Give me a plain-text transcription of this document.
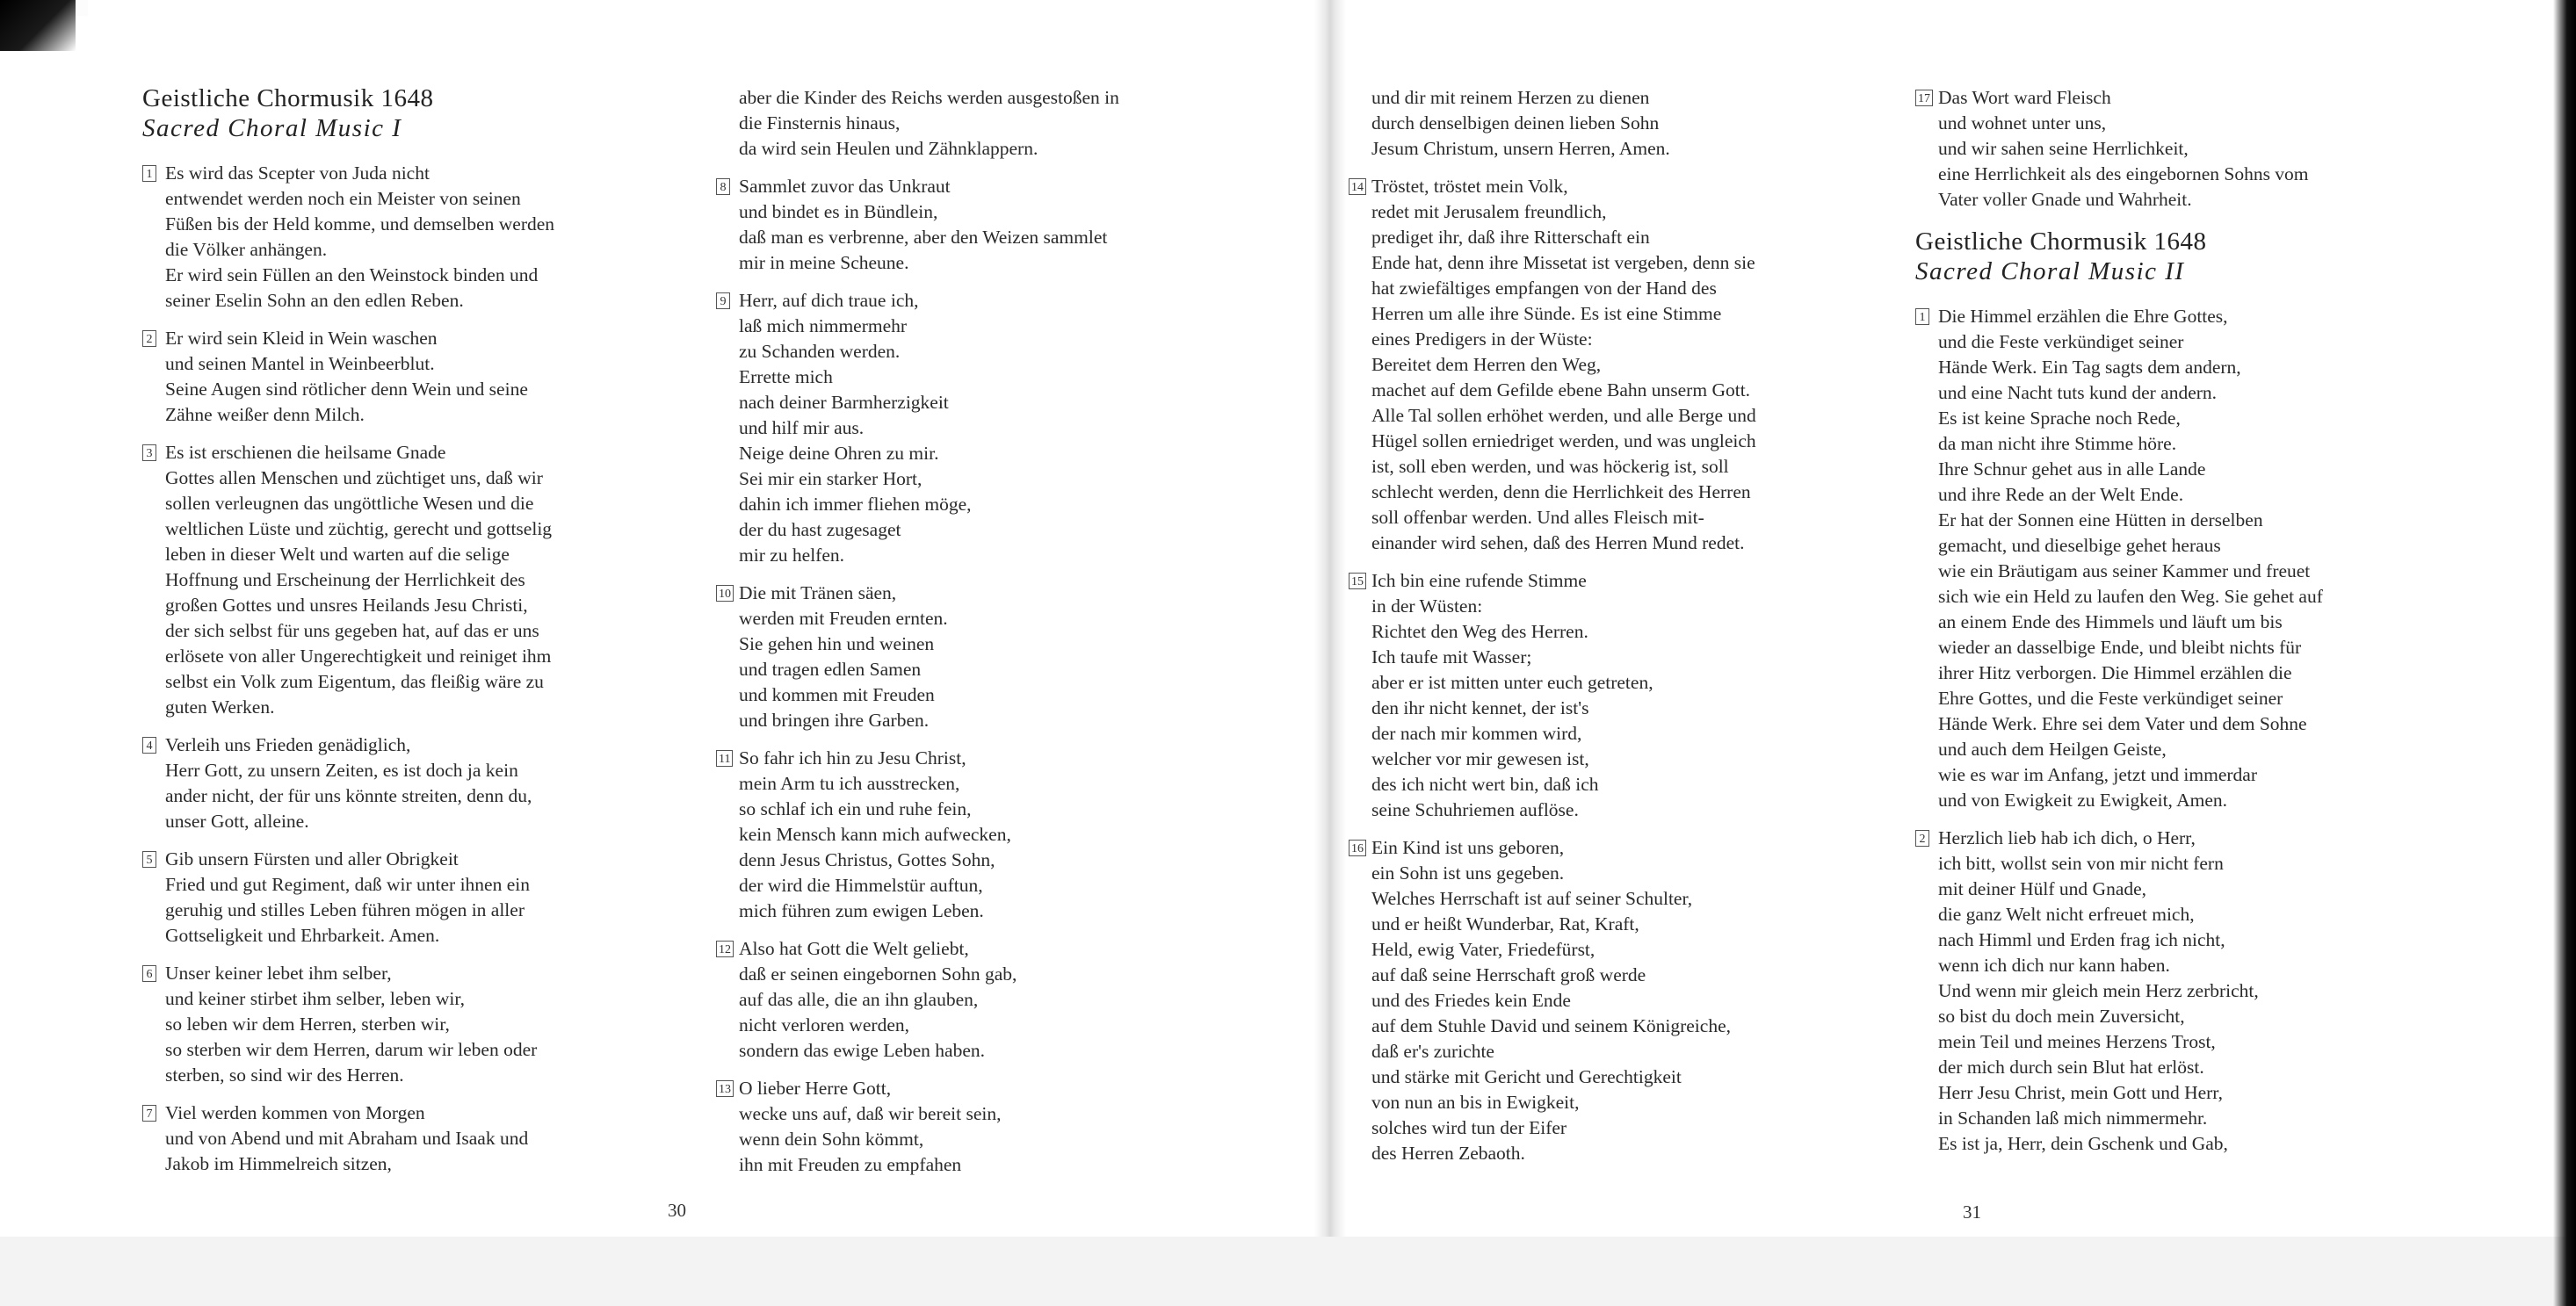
Geistliche Chormusik 1648
Sacred Choral Music I
1 Es wird das Scepter von Juda nicht
entwendet werden noch ein Meister von seinen
Füßen bis der Held komme, und demselben werden
die Völker anhängen.
Er wird sein Füllen an den Weinstock binden und
seiner Eselin Sohn an den edlen Reben.
2 Er wird sein Kleid in Wein waschen
und seinen Mantel in Weinbeerblut.
Seine Augen sind rötlicher denn Wein und seine
Zähne weißer denn Milch.
3 Es ist erschienen die heilsame Gnade
Gottes allen Menschen und züchtiget uns, daß wir
sollen verleugnen das ungöttliche Wesen und die
weltlichen Lüste und züchtig, gerecht und gottselig
leben in dieser Welt und warten auf die selige
Hoffnung und Erscheinung der Herrlichkeit des
großen Gottes und unsres Heilands Jesu Christi,
der sich selbst für uns gegeben hat, auf das er uns
erlösete von aller Ungerechtigkeit und reiniget ihm
selbst ein Volk zum Eigentum, das fleißig wäre zu
guten Werken.
4 Verleih uns Frieden genädiglich,
Herr Gott, zu unsern Zeiten, es ist doch ja kein
ander nicht, der für uns könnte streiten, denn du,
unser Gott, alleine.
5 Gib unsern Fürsten und aller Obrigkeit
Fried und gut Regiment, daß wir unter ihnen ein
geruhig und stilles Leben führen mögen in aller
Gottseligkeit und Ehrbarkeit. Amen.
6 Unser keiner lebet ihm selber,
und keiner stirbet ihm selber, leben wir,
so leben wir dem Herren, sterben wir,
so sterben wir dem Herren, darum wir leben oder
sterben, so sind wir des Herren.
7 Viel werden kommen von Morgen
und von Abend und mit Abraham und Isaak und
Jakob im Himmelreich sitzen,
aber die Kinder des Reichs werden ausgestoßen in
die Finsternis hinaus,
da wird sein Heulen und Zähnklappern.
8 Sammlet zuvor das Unkraut
und bindet es in Bündlein,
daß man es verbrenne, aber den Weizen sammlet
mir in meine Scheune.
9 Herr, auf dich traue ich,
laß mich nimmermehr
zu Schanden werden.
Errette mich
nach deiner Barmherzigkeit
und hilf mir aus.
Neige deine Ohren zu mir.
Sei mir ein starker Hort,
dahin ich immer fliehen möge,
der du hast zugesaget
mir zu helfen.
10 Die mit Tränen säen,
werden mit Freuden ernten.
Sie gehen hin und weinen
und tragen edlen Samen
und kommen mit Freuden
und bringen ihre Garben.
11 So fahr ich hin zu Jesu Christ,
mein Arm tu ich ausstrecken,
so schlaf ich ein und ruhe fein,
kein Mensch kann mich aufwecken,
denn Jesus Christus, Gottes Sohn,
der wird die Himmelstür auftun,
mich führen zum ewigen Leben.
12 Also hat Gott die Welt geliebt,
daß er seinen eingebornen Sohn gab,
auf das alle, die an ihn glauben,
nicht verloren werden,
sondern das ewige Leben haben.
13 O lieber Herre Gott,
wecke uns auf, daß wir bereit sein,
wenn dein Sohn kömmt,
ihn mit Freuden zu empfahen
30
und dir mit reinem Herzen zu dienen
durch denselbigen deinen lieben Sohn
Jesum Christum, unsern Herren, Amen.
14 Tröstet, tröstet mein Volk,
redet mit Jerusalem freundlich,
prediget ihr, daß ihre Ritterschaft ein
Ende hat, denn ihre Missetat ist vergeben, denn sie
hat zwiefältiges empfangen von der Hand des
Herren um alle ihre Sünde. Es ist eine Stimme
eines Predigers in der Wüste:
Bereitet dem Herren den Weg,
machet auf dem Gefilde ebene Bahn unserm Gott.
Alle Tal sollen erhöhet werden, und alle Berge und
Hügel sollen erniedriget werden, und was ungleich
ist, soll eben werden, und was höckerig ist, soll
schlecht werden, denn die Herrlichkeit des Herren
soll offenbar werden. Und alles Fleisch mit-
einander wird sehen, daß des Herren Mund redet.
15 Ich bin eine rufende Stimme
in der Wüsten:
Richtet den Weg des Herren.
Ich taufe mit Wasser;
aber er ist mitten unter euch getreten,
den ihr nicht kennet, der ist's
der nach mir kommen wird,
welcher vor mir gewesen ist,
des ich nicht wert bin, daß ich
seine Schuhriemen auflöse.
16 Ein Kind ist uns geboren,
ein Sohn ist uns gegeben.
Welches Herrschaft ist auf seiner Schulter,
und er heißt Wunderbar, Rat, Kraft,
Held, ewig Vater, Friedefürst,
auf daß seine Herrschaft groß werde
und des Friedes kein Ende
auf dem Stuhle David und seinem Königreiche,
daß er's zurichte
und stärke mit Gericht und Gerechtigkeit
von nun an bis in Ewigkeit,
solches wird tun der Eifer
des Herren Zebaoth.
17 Das Wort ward Fleisch
und wohnet unter uns,
und wir sahen seine Herrlichkeit,
eine Herrlichkeit als des eingebornen Sohns vom
Vater voller Gnade und Wahrheit.
Geistliche Chormusik 1648
Sacred Choral Music II
1 Die Himmel erzählen die Ehre Gottes,
und die Feste verkündiget seiner
Hände Werk. Ein Tag sagts dem andern,
und eine Nacht tuts kund der andern.
Es ist keine Sprache noch Rede,
da man nicht ihre Stimme höre.
Ihre Schnur gehet aus in alle Lande
und ihre Rede an der Welt Ende.
Er hat der Sonnen eine Hütten in derselben
gemacht, und dieselbige gehet heraus
wie ein Bräutigam aus seiner Kammer und freuet
sich wie ein Held zu laufen den Weg. Sie gehet auf
an einem Ende des Himmels und läuft um bis
wieder an dasselbige Ende, und bleibt nichts für
ihrer Hitz verborgen. Die Himmel erzählen die
Ehre Gottes, und die Feste verkündiget seiner
Hände Werk. Ehre sei dem Vater und dem Sohne
und auch dem Heilgen Geiste,
wie es war im Anfang, jetzt und immerdar
und von Ewigkeit zu Ewigkeit, Amen.
2 Herzlich lieb hab ich dich, o Herr,
ich bitt, wollst sein von mir nicht fern
mit deiner Hülf und Gnade,
die ganz Welt nicht erfreuet mich,
nach Himml und Erden frag ich nicht,
wenn ich dich nur kann haben.
Und wenn mir gleich mein Herz zerbricht,
so bist du doch mein Zuversicht,
mein Teil und meines Herzens Trost,
der mich durch sein Blut hat erlöst.
Herr Jesu Christ, mein Gott und Herr,
in Schanden laß mich nimmermehr.
Es ist ja, Herr, dein Gschenk und Gab,
31
